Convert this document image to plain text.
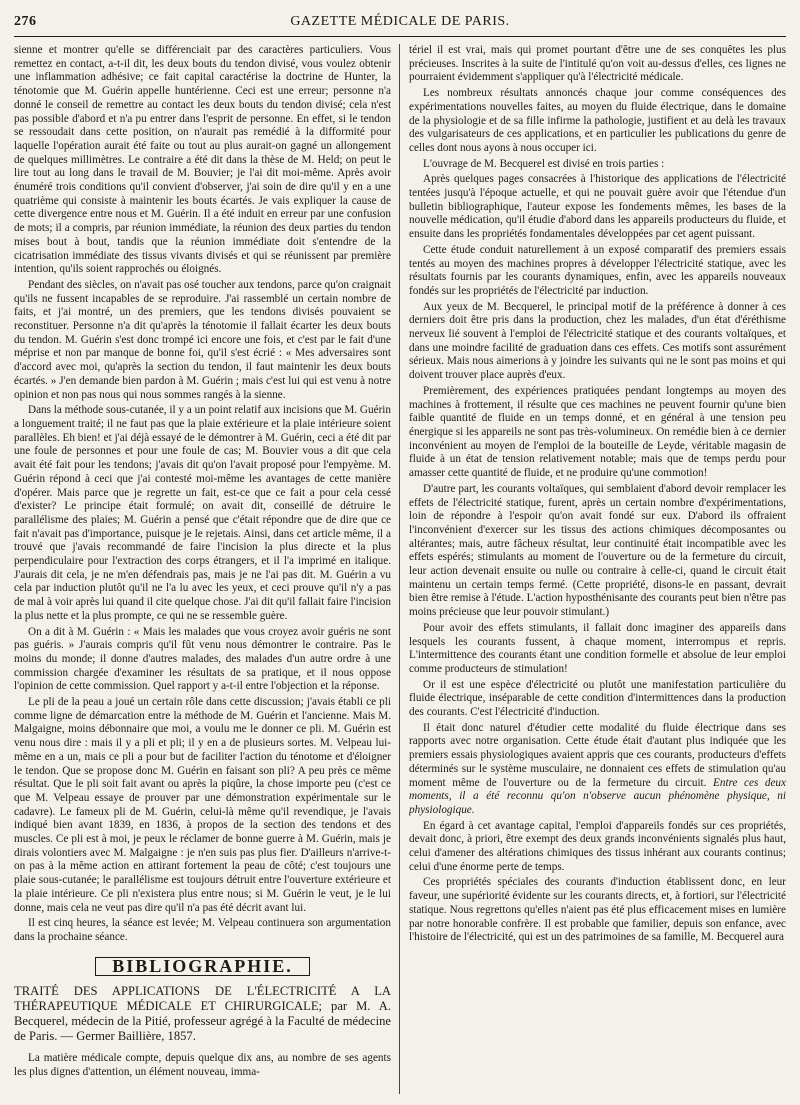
276	GAZETTE MÉDICALE DE PARIS.

sienne et montrer qu'elle se différenciait par des caractères particuliers. Vous remettez en contact, a-t-il dit, les deux bouts du tendon divisé, vous voulez obtenir une inflammation adhésive; ce fait capital caractérise la doctrine de Hunter, la ténotomie que M. Guérin appelle huntérienne. Ceci est une erreur; personne n'a donné le conseil de remettre au contact les deux bouts du tendon divisé; cela n'est pas possible d'abord et n'a pu entrer dans l'esprit de personne. En effet, si le tendon se ressoudait dans cette position, on n'aurait pas remédié à la difformité pour laquelle l'opération aurait été faite ou tout au plus aurait-on gagné un allongement de quelques millimètres. Le contraire a été dit dans la thèse de M. Held; on peut le lire tout au long dans le travail de M. Bouvier; je l'ai dit moi-même. Après avoir énuméré trois conditions qu'il convient d'observer, j'ai soin de dire qu'il y en a une quatrième qui consiste à maintenir les bouts écartés. Je vais expliquer la cause de cette divergence entre nous et M. Guérin. Il a été induit en erreur par une confusion de mots; il a compris, par réunion immédiate, la réunion des deux parties du tendon mises bout à bout, tandis que la réunion immédiate doit s'entendre de la cicatrisation immédiate des tissus vivants divisés et qui se réunissent par première intention, qu'ils soient rapprochés ou éloignés.

Pendant des siècles, on n'avait pas osé toucher aux tendons, parce qu'on craignait qu'ils ne fussent incapables de se reproduire. J'ai rassemblé un certain nombre de faits, et j'ai montré, un des premiers, que les tendons divisés pouvaient se reconstituer. Personne n'a dit qu'après la ténotomie il fallait écarter les deux bouts du tendon. M. Guérin s'est donc trompé ici encore une fois, et c'est par le fait d'une méprise et non par manque de bonne foi, qu'il s'est écrié : « Mes adversaires sont d'accord avec moi, qu'après la section du tendon, il faut maintenir les deux bouts écartés. » J'en demande bien pardon à M. Guérin ; mais c'est lui qui est venu à notre opinion et non pas nous qui nous sommes rangés à la sienne.

Dans la méthode sous-cutanée, il y a un point relatif aux incisions que M. Guérin a longuement traité; il ne faut pas que la plaie extérieure et la plaie intérieure soient parallèles. Eh bien! et j'ai déjà essayé de le démontrer à M. Guérin, ceci a été dit par une foule de personnes et pour une foule de cas; M. Bouvier vous a dit que cela avait été fait pour les tendons; j'avais dit qu'on l'avait proposé pour l'empyème. M. Guérin répond à ceci que j'ai contesté moi-même les avantages de cette manière d'opérer. Mais parce que je regrette un fait, est-ce que ce fait a pour cela cessé d'exister? Le principe était formulé; on avait dit, conseillé de détruire le parallélisme des plaies; M. Guérin a pensé que c'était répondre que de dire que ce fait n'avait pas d'importance, puisque je le rejetais. Ainsi, dans cet article même, il a trouvé que j'avais recommandé de faire l'incision la plus directe et la plus perpendiculaire pour l'extraction des corps étrangers, et il l'a imprimé en italique. J'aurais dit cela, je ne m'en défendrais pas, mais je ne l'ai pas dit. M. Guérin a vu cela par induction plutôt qu'il ne l'a lu avec les yeux, et ceci prouve qu'il n'y a pas de mal à voir après lui quand il cite quelque chose. J'ai dit qu'il fallait faire l'incision la plus nette et la plus prompte, ce qui ne se ressemble guère.

On a dit à M. Guérin : « Mais les malades que vous croyez avoir guéris ne sont pas guéris. » J'aurais compris qu'il fût venu nous démontrer le contraire. Pas le moins du monde; il donne d'autres malades, des malades d'un autre ordre à une commission chargée d'examiner les résultats de sa pratique, et il nous oppose l'opinion de cette commission. Quel rapport y a-t-il entre l'objection et la réponse.

Le pli de la peau a joué un certain rôle dans cette discussion; j'avais établi ce pli comme ligne de démarcation entre la méthode de M. Guérin et l'ancienne. Mais M. Malgaigne, moins débonnaire que moi, a voulu me le donner ce pli. M. Guérin est venu nous dire : mais il y a pli et pli; il y en a de plusieurs sortes. M. Velpeau lui-même en a un, mais ce pli a pour but de faciliter l'action du ténotome et d'éloigner le tendon. Que se propose donc M. Guérin en faisant son pli? A peu près ce même résultat. Que le pli soit fait avant ou après la piqûre, la chose importe peu (c'est ce que M. Velpeau essaye de prouver par une démonstration expérimentale sur le cadavre). Le fameux pli de M. Guérin, celui-là même qu'il revendique, je l'avais indiqué bien avant 1839, en 1836, à propos de la section des tendons et des muscles. Ce pli est à moi, je peux le réclamer de bonne guerre à M. Guérin, mais je dirais volontiers avec M. Malgaigne : je n'en suis pas plus fier. D'ailleurs n'arrive-t-on pas à la même action en attirant fortement la peau de côté; c'est toujours une plaie sous-cutanée; le parallélisme est toujours détruit entre l'ouverture extérieure et la plaie intérieure. Ce pli n'existera plus entre nous; si M. Guérin le veut, je le lui donne, mais cela ne veut pas dire qu'il n'a pas été décrit avant lui.

Il est cinq heures, la séance est levée; M. Velpeau continuera son argumentation dans la prochaine séance.

BIBLIOGRAPHIE.

TRAITÉ DES APPLICATIONS DE L'ÉLECTRICITÉ A LA THÉRAPEUTIQUE MÉDICALE ET CHIRURGICALE; par M. A. Becquerel, médecin de la Pitié, professeur agrégé à la Faculté de médecine de Paris. — Germer Baillière, 1857.

La matière médicale compte, depuis quelque dix ans, au nombre de ses agents les plus dignes d'attention, un élément nouveau, imma-

tériel il est vrai, mais qui promet pourtant d'être une de ses conquêtes les plus précieuses. Inscrites à la suite de l'intitulé qu'on voit au-dessus d'elles, ces lignes ne pourraient évidemment s'appliquer qu'à l'électricité médicale.

Les nombreux résultats annoncés chaque jour comme conséquences des expérimentations nouvelles faites, au moyen du fluide électrique, dans le domaine de la physiologie et de sa fille infirme la pathologie, justifient et au delà les travaux des vulgarisateurs de ces applications, et en particulier les publications du genre de celles dont nous ayons à nous occuper ici.

L'ouvrage de M. Becquerel est divisé en trois parties :

Après quelques pages consacrées à l'historique des applications de l'électricité tentées jusqu'à l'époque actuelle, et qui ne pouvait guère avoir que l'étendue d'un bulletin bibliographique, l'auteur expose les fondements mêmes, les bases de la nouvelle médication, qu'il étudie d'abord dans les appareils producteurs du fluide, et ensuite dans les propriétés fondamentales développées par cet agent puissant.

Cette étude conduit naturellement à un exposé comparatif des premiers essais tentés au moyen des machines propres à développer l'électricité statique, avec les résultats fournis par les courants dynamiques, enfin, avec les appareils nouveaux fondés sur les propriétés de l'électricité par induction.

Aux yeux de M. Becquerel, le principal motif de la préférence à donner à ces derniers doit être pris dans la production, chez les malades, d'un état d'éréthisme nerveux lié souvent à l'emploi de l'électricité statique et des courants voltaïques, et dans une moindre facilité de graduation dans ces effets. Ces motifs sont assurément sérieux. Mais nous aimerions à y joindre les suivants qui ne le sont pas moins et qui doivent trouver place auprès d'eux.

Premièrement, des expériences pratiquées pendant longtemps au moyen des machines à frottement, il résulte que ces machines ne peuvent fournir qu'une bien faible quantité de fluide en un temps donné, et en général à une tension peu énergique si les appareils ne sont pas très-volumineux. On remédie bien à ce dernier inconvénient au moyen de l'emploi de la bouteille de Leyde, véritable magasin de fluide à un état de tension relativement notable; mais que de temps perdu pour amasser cette quantité de fluide, et ne produire qu'une commotion!

D'autre part, les courants voltaïques, qui semblaient d'abord devoir remplacer les effets de l'électricité statique, furent, après un certain nombre d'expérimentations, loin de répondre à l'espoir qu'on avait fondé sur eux. D'abord ils offraient l'inconvénient d'exercer sur les tissus des actions chimiques décomposantes ou altérantes; mais, autre fâcheux résultat, leur continuité était incompatible avec les effets espérés; stimulants au moment de l'ouverture ou de la fermeture du circuit, leur action devenait ensuite ou nulle ou contraire à celle-ci, quand le circuit était maintenu un certain temps fermé. (Cette propriété, disons-le en passant, devrait bien être remise à l'étude. L'action hyposthénisante des courants peut bien n'être pas moins précieuse que leur pouvoir stimulant.)

Pour avoir des effets stimulants, il fallait donc imaginer des appareils dans lesquels les courants fussent, à chaque moment, interrompus et repris. L'intermittence des courants étant une condition formelle et absolue de leur emploi comme producteurs de stimulation!

Or il est une espèce d'électricité ou plutôt une manifestation particulière du fluide électrique, inséparable de cette condition d'intermittences dans la production des courants. C'est l'électricité d'induction.

Il était donc naturel d'étudier cette modalité du fluide électrique dans ses rapports avec notre organisation. Cette étude était d'autant plus indiquée que les premiers essais physiologiques avaient appris que ces courants, producteurs d'effets déterminés sur le système musculaire, ne donnaient ces effets de stimulation qu'au moment même de l'ouverture ou de la fermeture du circuit. Entre ces deux moments, il a été reconnu qu'on n'observe aucun phénomène physique, ni physiologique.

En égard à cet avantage capital, l'emploi d'appareils fondés sur ces propriétés, devait donc, à priori, être exempt des deux grands inconvénients signalés plus haut, celui d'amener des altérations chimiques des tissus inhérant aux courants continus; celui d'une énorme perte de temps.

Ces propriétés spéciales des courants d'induction établissent donc, en leur faveur, une supériorité évidente sur les courants directs, et, à fortiori, sur l'électricité statique. Nous regrettons qu'elles n'aient pas été plus efficacement mises en lumière par notre honorable confrère. Il est probable que familier, depuis son enfance, avec l'histoire de l'électricité, qui est un des patrimoines de sa famille, M. Becquerel aura
